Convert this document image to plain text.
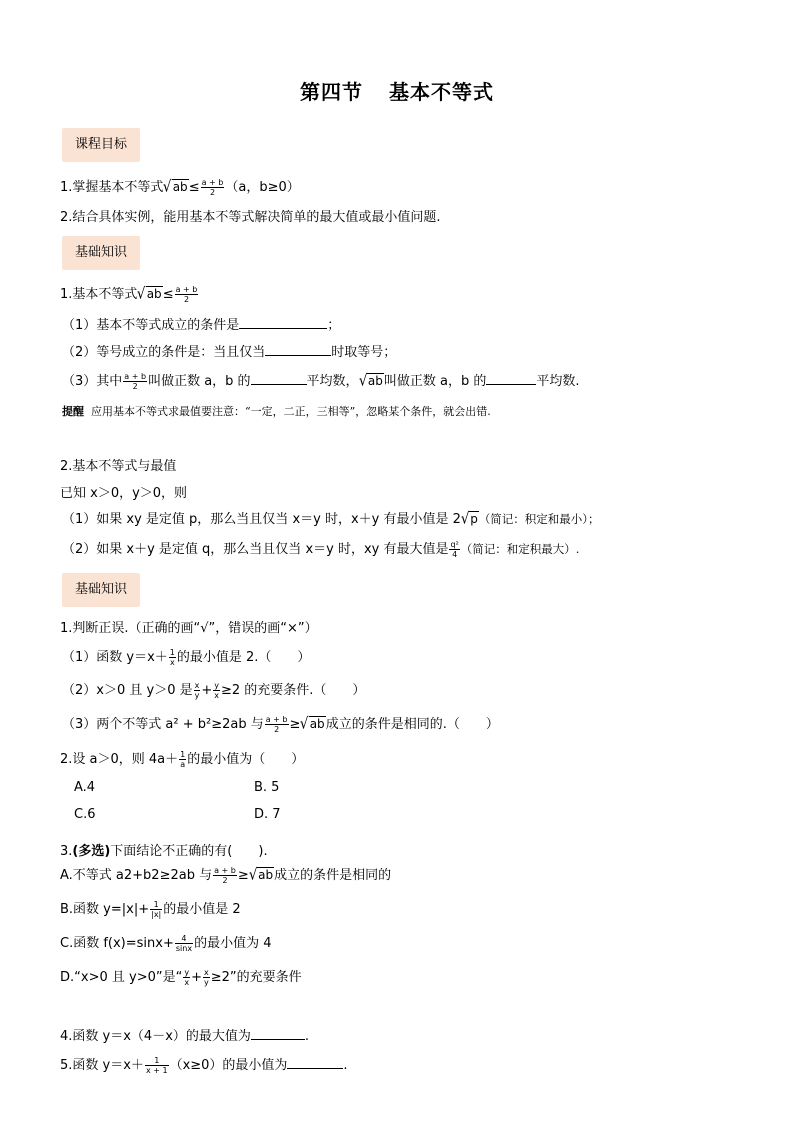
第四节 基本不等式
课程目标
1.掌握基本不等式$√ab\le \frac{a + b}{2} (a$，b≥0）
2.结合具体实例，能用基本不等式解决简单的最大值或最小值问题.
基础知识
1.基本不等式$√ab\le \frac{a + b}{2}$
（1）基本不等式成立的条件是	；
（2）等号成立的条件是：当且仅当	时取等号；
（3）其中 $\frac{a + b}{2}$ 叫做正数 a，b 的	平均数，√ab叫做正数 a，b 的	平均数.
提醒 应用基本不等式求最值要注意：“一定，二正，三相等”，忽略某个条件，就会出错.
2.基本不等式与最值
已知 x＞0，y＞0，则
（1）如果 xy 是定值 p，那么当且仅当 x＝y 时，x＋y 有最小值是 2√p（简记：积定和最小）；
（2）如果 x＋y 是定值 q，那么当且仅当 x＝y 时，xy 有最大值是 $\frac{\text{q²}}{4}$ （简记：和定积最大）.
基础知识
1.判断正误.（正确的画“√”，错误的画“×”）
（1）函数 $y=x+ \frac{1}{x}$ 的最小值是 2.（　　）
（2）x＞0 且 y＞0 是 $\frac{x}{y} + \frac{y}{x} \ge 2$ 的充要条件.（　　）
（3）两个不等式 a² + b²≥2ab 与 $\frac{a + b}{2} \ge√ab$成立的条件是相同的.（　　）
2.设 a＞0，则 $4a+ \frac{1}{a}$ 的最小值为（　　）
A.4	B. 5
C.6	D. 7
3.(多选)下面结论不正确的有(　　).
A.不等式 a2+b2≥2ab 与 $\frac{a + b}{2} \ge√ab$成立的条件是相同的
B.函数 $y=|x|+ \frac{1}{|x|}$ 的最小值是 2
C.函数 $f(x)=\sin x+ \frac{4}{\sin x}$ 的最小值为 4
D.“x>0 且 y>0”是“ $\frac{y}{x} + \frac{x}{y} \ge 2$”的充要条件
4.函数 y＝x（4－x）的最大值为	.
5.函数 $y=x+ \frac{1}{x + 1} (x\ge 0)$的最小值为	.
